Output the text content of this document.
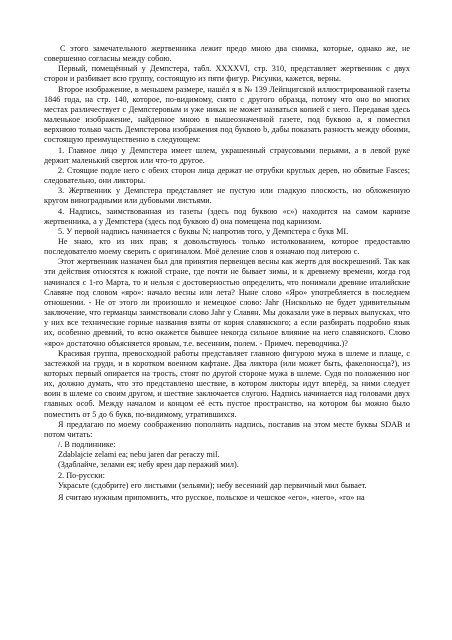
С этого замечательного жертвенника лежит предо мною два снимка, которые, однако же, не совершенно согласны между собою.

Первый, помещённый у Демпстера, табл. XXXXVI, стр. 310, представляет жертвенник с двух сторон и разбивает всю группу, состоящую из пяти фигур. Рисунки, кажется, верны.

Второе изображение, в меньшем размере, нашёл я в № 139 Лейпцигской иллюстрированной газеты 1846 года, на стр. 140, которое, по-видимому, снято с другого образца, потому что оно во многих местах различествует с Демпстеровым и уже никак не может назваться копией с него. Передавая здесь маленькое изображение, найденное мною в вышеозначенной газете, под буквою а, я поместил верхнюю только часть Демпстерова изображения под буквою b, дабы показать разность между обоими, состоящую преимущественно в следующем:

1. Главное лицо у Демпстера имеет шлем, украшенный страусовыми перьями, а в левой руке держит маленький сверток или что-то другое.

2. Стоящие подле него с обеих сторон лица держат не отрубки круглых дерев, но обвитые Fasces; следовательно, они ликторы.

3. Жертвенник у Демпстера представляет не пустую или гладкую плоскость, но обложенную кругом виноградными или дубовыми листьями.

4. Надпись, заимствованная из газеты (здесь под буквою «с») находится на самом карнизе жертвенника, а у Демпстера (здесь под буквою d) она помещена под карнизом.

5. У первой надпись начинается с буквы N; напротив того, у Демпстера с букв MI.

Не знаю, кто из них прав; я довольствуюсь только истолкованием, которое предоставлю последователю моему сверить с оригиналом. Моё деление слов я означаю под литерою с.

Этот жертвенник назначен был для принятия первенцев весны как жертв для воскрешений. Так как эти действия относятся к южной стране, где почти не бывает зимы, и к древнему времени, когда год начинался с 1-го Марта, то и нельзя с достоверностью определить, что понимали древние италийские Славяне под словом «яро»: начало весны или лета? Ныне слово «Яро» употребляется в последнем отношении. - Не от этого ли произошло и немецкое слово: Jahr (Нисколько не будет удивительным заключение, что германцы заимствовали слово Jahr у Славян. Мы доказали уже в первых выпусках, что у них все технические горные названия взяты от корня славянского; а если разбирать подробно язык их, особенно древний, то ясно окажется бывшее некогда сильное влияние на него славянского. Слово «яро» достаточно объясняется яровым, т.е. весенним, полем. - Примеч. переводчика.)?

Красивая группа, превосходной работы представляет главною фигурою мужа в шлеме и плаще, с застежкой на груди, и в коротком военном кафтане. Два ликтора (или может быть, факелоносца?), из которых первый опирается на трость, стоят по другой стороне мужа в шлеме. Судя по положению ног их, должно думать, что это представлено шествие, в котором ликторы идут вперёд, за ними следует воин в шлеме со своим другом, и шествие заключается слугою. Надпись начинается над головами двух главных особ. Между началом и концом её есть пустое пространство, на котором бы можно было поместить от 5 до 6 букв, по-видимому, утратившихся.

Я предлагаю по моему соображению пополнить надпись, поставив на этом месте буквы SDAB и потом читать:

/. В подлиннике:

Zdablajcie zelami ea; nebu jaren dar peraczy mil.

(Здаблайче, зелами ея; небу ярен дар пеpажий мил).

2. По-русски:

Украсьте (сдобрите) его листьями (зельями); небу весенний дар первичный мил бывает.

Я считаю нужным припомнить, что русское, польское и чешское «его», «него», «го» на
